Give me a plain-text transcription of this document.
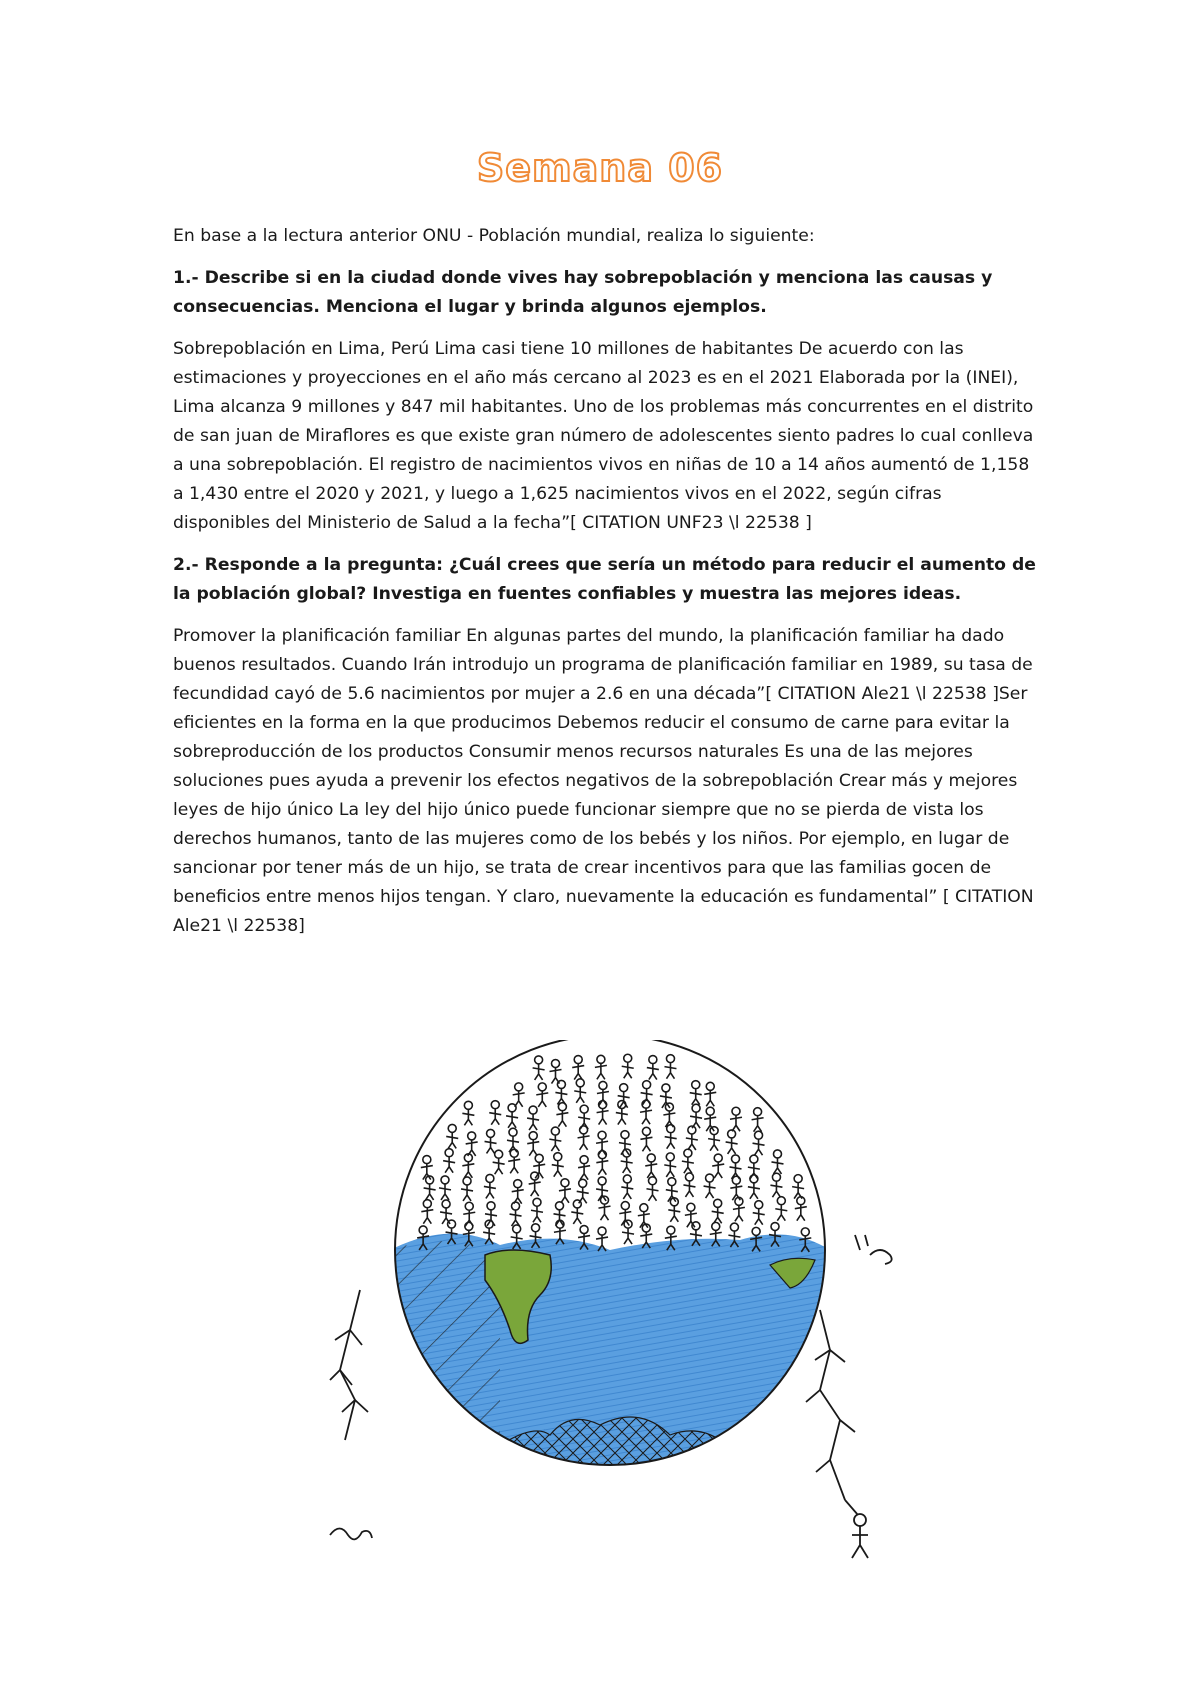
Semana 06

En base a la lectura anterior ONU - Población mundial, realiza lo siguiente:

1.- Describe si en la ciudad donde vives hay sobrepoblación y menciona las causas y consecuencias. Menciona el lugar y brinda algunos ejemplos.

Sobrepoblación en Lima, Perú Lima casi tiene 10 millones de habitantes De acuerdo con las estimaciones y proyecciones en el año más cercano al 2023 es en el 2021 Elaborada por la (INEI), Lima alcanza 9 millones y 847 mil habitantes. Uno de los problemas más concurrentes en el distrito de san juan de Miraflores es que existe gran número de adolescentes siento padres lo cual conlleva a una sobrepoblación. El registro de nacimientos vivos en niñas de 10 a 14 años aumentó de 1,158 a 1,430 entre el 2020 y 2021, y luego a 1,625 nacimientos vivos en el 2022, según cifras disponibles del Ministerio de Salud a la fecha”[ CITATION UNF23 \l 22538 ]

2.- Responde a la pregunta: ¿Cuál crees que sería un método para reducir el aumento de la población global? Investiga en fuentes confiables y muestra las mejores ideas.

Promover la planificación familiar En algunas partes del mundo, la planificación familiar ha dado buenos resultados. Cuando Irán introdujo un programa de planificación familiar en 1989, su tasa de fecundidad cayó de 5.6 nacimientos por mujer a 2.6 en una década”[ CITATION Ale21 \l 22538 ]Ser eficientes en la forma en la que producimos Debemos reducir el consumo de carne para evitar la sobreproducción de los productos Consumir menos recursos naturales Es una de las mejores soluciones pues ayuda a prevenir los efectos negativos de la sobrepoblación Crear más y mejores leyes de hijo único La ley del hijo único puede funcionar siempre que no se pierda de vista los derechos humanos, tanto de las mujeres como de los bebés y los niños. Por ejemplo, en lugar de sancionar por tener más de un hijo, se trata de crear incentivos para que las familias gocen de beneficios entre menos hijos tengan. Y claro, nuevamente la educación es fundamental” [ CITATION Ale21 \l 22538]
